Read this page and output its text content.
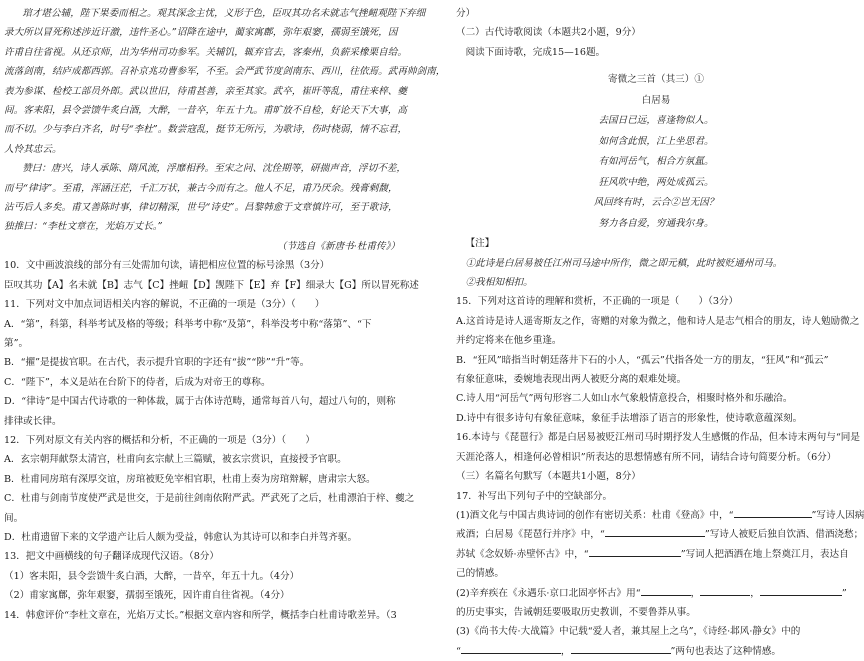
琯才堪公辅，陛下果委而相之。观其深念主忧，义形于色，臣叹其功名未就志气挫衄观陛下弃细
录大所以冒死称述涉近讦激，违忤圣心。”诏降在途中，蔺家寓鄜，弥年艰窭，孺弱至饿死，因
许甫自往省视。从还京师，出为华州司功参军。关辅饥，辄弃官去，客秦州，负薪采橡栗自给。
流落剑南，结庐成都西郭。召补京兆功曹参军，不至。会严武节度剑南东、西川，往依焉。武再帅剑南，
表为参谋、检校工部员外郎。武以世旧，待甫甚善，亲至其家。武卒，崔旰等乱，甫往来梓、夔
间。客耒阳，县令尝馈牛炙白酒，大醉，一昔卒，年五十九。甫旷放不自检，好论天下大事，高
而不切。少与李白齐名，时号“李杜”。数尝寇乱，挺节无所污，为歌诗，伤时桡弱，情不忘君，
人怜其忠云。
赞曰：唐兴，诗人承陈、隋风流，浮靡相矜。至宋之问、沈佺期等，研揣声音，浮切不差，
而号“律诗”。至甫，浑涵汪茫，千汇万状，兼古今而有之。他人不足，甫乃厌余。残膏剩馥，
沾丐后人多矣。甫又善陈时事，律切精深，世号“诗史”。昌黎韩愈于文章慎许可，至于歌诗，
独推曰：“李杜文章在，光焰万丈长。”
（节选自《新唐书·杜甫传》）
10．文中画波浪线的部分有三处需加句读，请把相应位置的标号涂黑（3分）
臣叹其功【A】名未就【B】志气【C】挫衄【D】觊陛下【E】弃【F】细录大【G】所以冒死称述
11．下列对文中加点词语相关内容的解说，不正确的一项是（3分）（　　）
A．“第”，科第，科举考试及格的等级；科举考中称“及第”，科举没考中称“落第”、“下
第”。
B．“擢”是提拔官职。在古代，表示提升官职的字还有“拔”“陟”“升”等。
C．“陛下”，本义是站在台阶下的侍者，后成为对帝王的尊称。
D．“律诗”是中国古代诗歌的一种体裁，属于古体诗范畴，通常每首八句，超过八句的，则称
排律或长律。
12．下列对原文有关内容的概括和分析，不正确的一项是（3分）（　　）
A．玄宗朝拜献祭太清宫，杜甫向玄宗献上三篇赋，被玄宗赏识，直接授予官职。
B．杜甫同房琯有深厚交谊，房琯被贬免宰相官职，杜甫上奏为房琯辩解，唐肃宗大怒。
C．杜甫与剑南节度使严武是世交，于是前往剑南依附严武。严武死了之后，杜甫漂泊于梓、夔之
间。
D．杜甫遗留下来的文学遗产让后人颇为受益，韩愈认为其诗可以和李白并驾齐驱。
13．把文中画横线的句子翻译成现代汉语。（8分）
（1）客耒阳，县令尝馈牛炙白酒，大醉，一昔卒，年五十九。（4分）
（2）甫家寓鄜，弥年艰窭，孺弱至饿死，因许甫自往省视。（4分）
14．韩愈评价“李杜文章在，光焰万丈长。”根据文章内容和所学，概括李白杜甫诗歌差异。（3
分）
（二）古代诗歌阅读（本题共2小题，9分）
阅读下面诗歌，完成15—16题。
寄微之三首（其三）①
白居易
去国日已远，喜逢物似人。
如何含此恨，江上坐思君。
有如河岳气，相合方氛氲。
狂风吹中绝，两处成孤云。
风回终有时，云合②岂无因？
努力各自爱，穷通我尔身。
【注】
①此诗是白居易被任江州司马途中所作，微之即元稹，此时被贬通州司马。
②我相知相扣。
15．下列对这首诗的理解和赏析，不正确的一项是（　　）（3分）
A.这首诗是诗人遥寄斯友之作，寄赠的对象为微之，他和诗人是志气相合的朋友，诗人勉励微之
并约定将来在他乡重逢。
B．“狂风”暗指当时朝廷落井下石的小人，“孤云”代指各处一方的朋友，“狂风”和“孤云”
有象征意味，委婉地表现出两人被贬分离的艰难处境。
C.诗人用“河岳气”两句形容二人如山水气象般情意投合，相聚时格外和乐融洽。
D.诗中有很多诗句有象征意味，象征手法增添了语言的形象性，使诗歌意蕴深刻。
16.本诗与《琵琶行》都是白居易被贬江州司马时期抒发人生感慨的作品，但本诗末两句与“同是
天涯沦落人，相逢何必曾相识”所表达的思想情感有所不同，请结合诗句简要分析。（6分）
（三）名篇名句默写（本题共1小题，8分）
17．补写出下列句子中的空缺部分。
(1)酒文化与中国古典诗词的创作有密切关系：杜甫《登高》中，“	”写诗人因病
戒酒；白居易《琵琶行并序》中，“	”写诗人被贬后独自饮酒、借酒浇愁；
苏轼《念奴娇·赤壁怀古》中，“	”写词人把酒洒在地上祭奠江月，表达自
己的情感。
(2)辛弃疾在《永遇乐·京口北固亭怀古》用“	，	，	”
的历史事实，告诫朝廷要吸取历史教训，不要鲁莽从事。
(3)《尚书大传·大战篇》中记载“爱人者，兼其屋上之乌”，《诗经·邶风·静女》中的
“	，	”两句也表达了这种情感。
